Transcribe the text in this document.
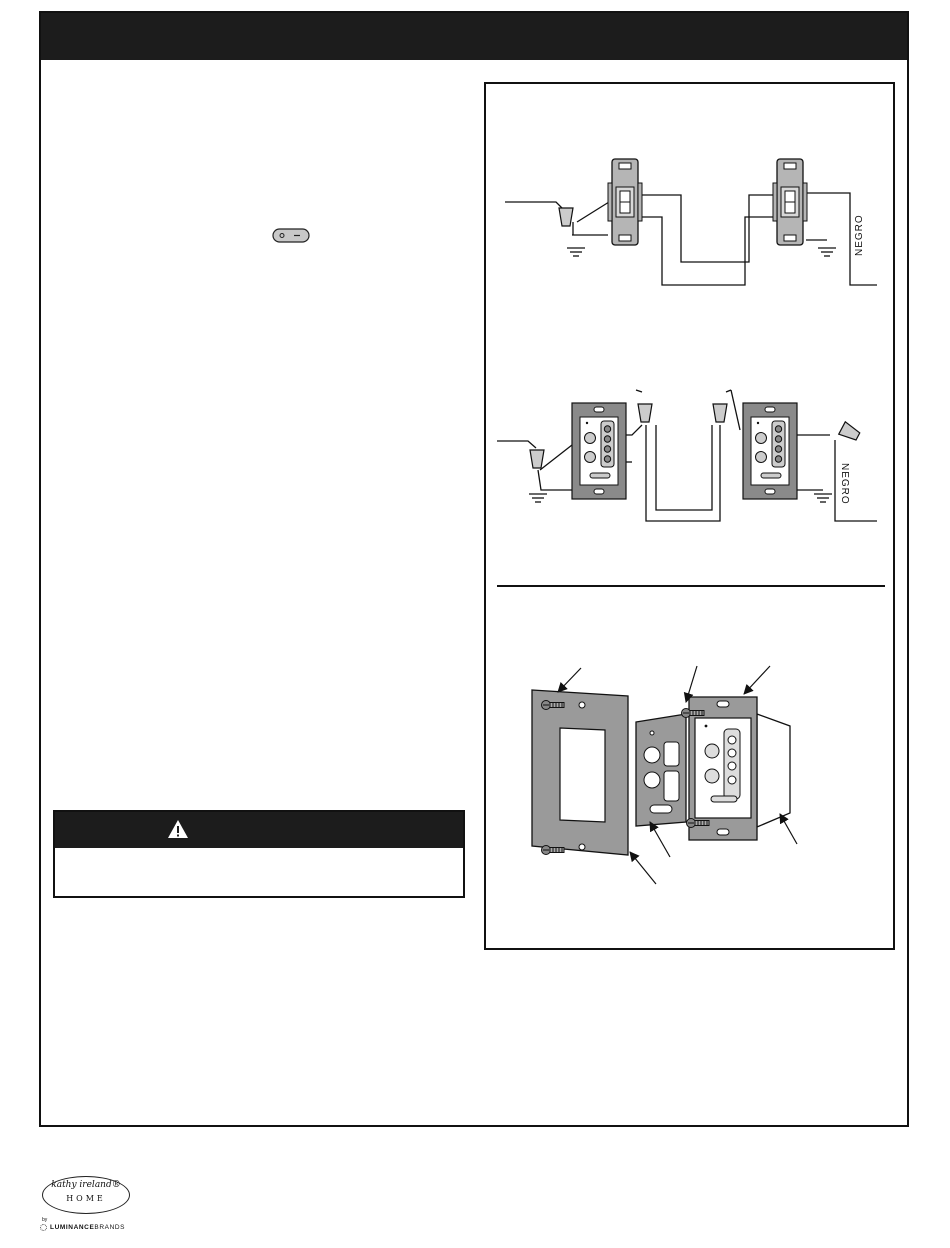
NEGRO
NEGRO
kathy ireland®
HOME
by
LUMINANCEBRANDS
